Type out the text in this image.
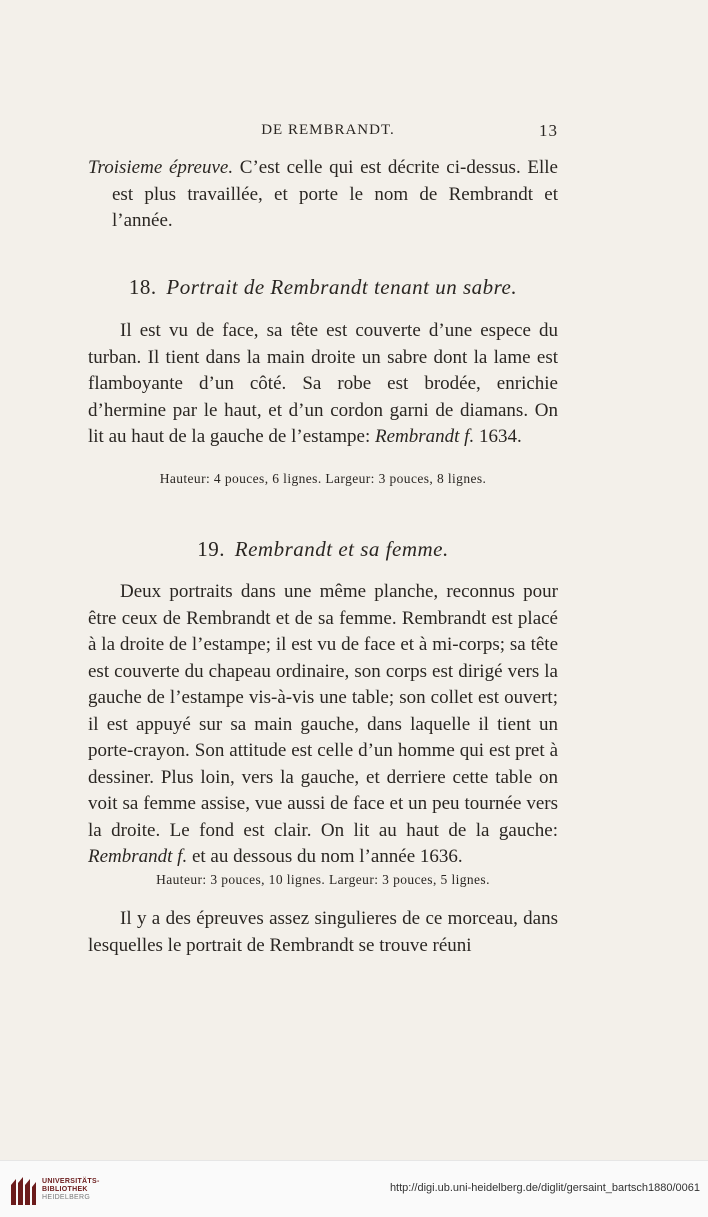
DE REMBRANDT.	13

Troisieme épreuve. C’est celle qui est décrite ci-dessus. Elle est plus travaillée, et porte le nom de Rembrandt et l’année.

18. Portrait de Rembrandt tenant un sabre.

Il est vu de face, sa tête est couverte d’une espece du turban. Il tient dans la main droite un sabre dont la lame est flamboyante d’un côté. Sa robe est brodée, enrichie d’hermine par le haut, et d’un cordon garni de diamans. On lit au haut de la gauche de l’estampe: Rembrandt f. 1634.

Hauteur: 4 pouces, 6 lignes. Largeur: 3 pouces, 8 lignes.
19. Rembrandt et sa femme.

Deux portraits dans une même planche, reconnus pour être ceux de Rembrandt et de sa femme. Rembrandt est placé à la droite de l’estampe; il est vu de face et à mi-corps; sa tête est couverte du chapeau ordinaire, son corps est dirigé vers la gauche de l’estampe vis-à-vis une table; son collet est ouvert; il est appuyé sur sa main gauche, dans laquelle il tient un porte-crayon. Son attitude est celle d’un homme qui est pret à dessiner. Plus loin, vers la gauche, et derriere cette table on voit sa femme assise, vue aussi de face et un peu tournée vers la droite. Le fond est clair. On lit au haut de la gauche: Rembrandt f. et au dessous du nom l’année 1636.

Hauteur: 3 pouces, 10 lignes. Largeur: 3 pouces, 5 lignes.

Il y a des épreuves assez singulieres de ce morceau, dans lesquelles le portrait de Rembrandt se trouve réuni

UNIVERSITÄTS-
BIBLIOTHEK
HEIDELBERG
http://digi.ub.uni-heidelberg.de/diglit/gersaint_bartsch1880/0061
